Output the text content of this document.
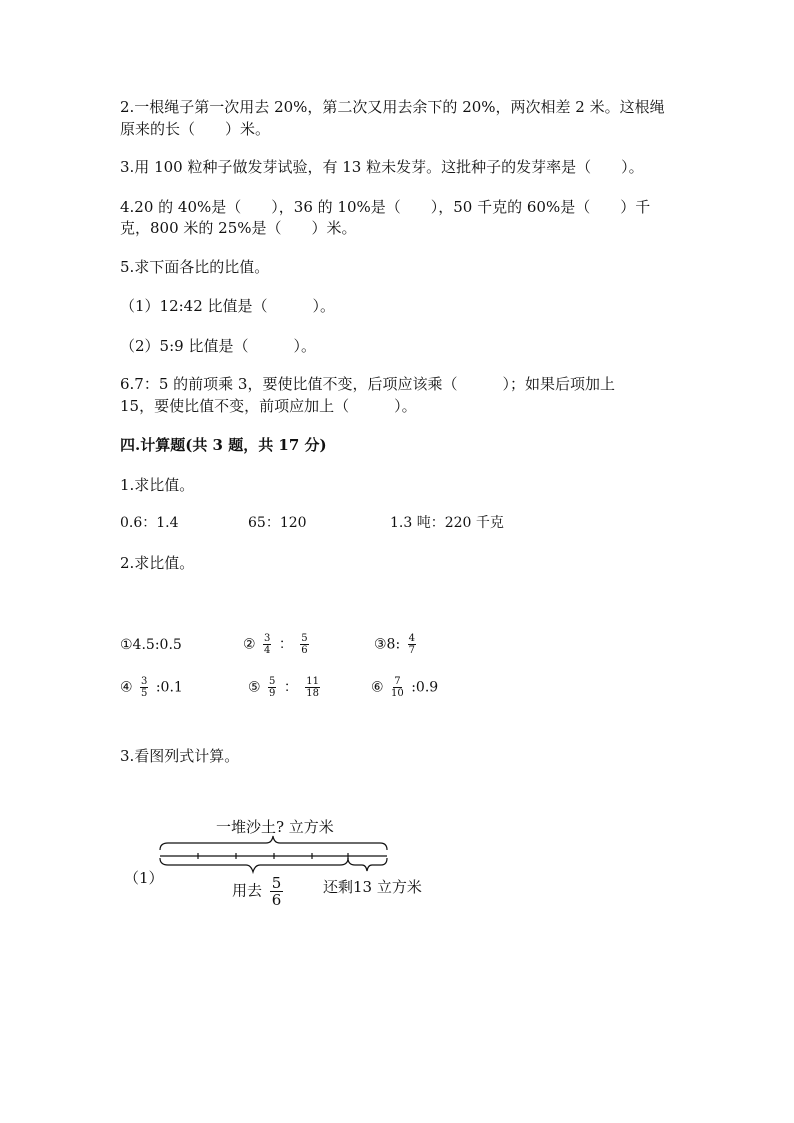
2.一根绳子第一次用去 20%，第二次又用去余下的 20%，两次相差 2 米。这根绳
原来的长（　　）米。
3.用 100 粒种子做发芽试验，有 13 粒未发芽。这批种子的发芽率是（　　）。
4.20 的 40%是（　　），36 的 10%是（　　），50 千克的 60%是（　　）千
克，800 米的 25%是（　　）米。
5.求下面各比的比值。
（1）12:42 比值是（　　　）。
（2）5:9 比值是（　　　）。
6.7：5 的前项乘 3，要使比值不变，后项应该乘（　　　）；如果后项加上
15，要使比值不变，前项应加上（　　　）。
四.计算题(共 3 题，共 17 分)
1.求比值。
0.6：1.4	65：120	1.3 吨：220 千克
2.求比值。
①4.5:0.5	② $\frac{3}{4}$ ： $\frac{5}{6}$	③8: $\frac{4}{7}$
④ $\frac{3}{5}$ :0.1	⑤ $\frac{5}{9}$ ： $\frac{11}{18}$	⑥ $\frac{7}{10}$ :0.9
3.看图列式计算。
一堆沙土? 立方米
（1）
用去 $\frac{5}{6}$	还剩13 立方米
